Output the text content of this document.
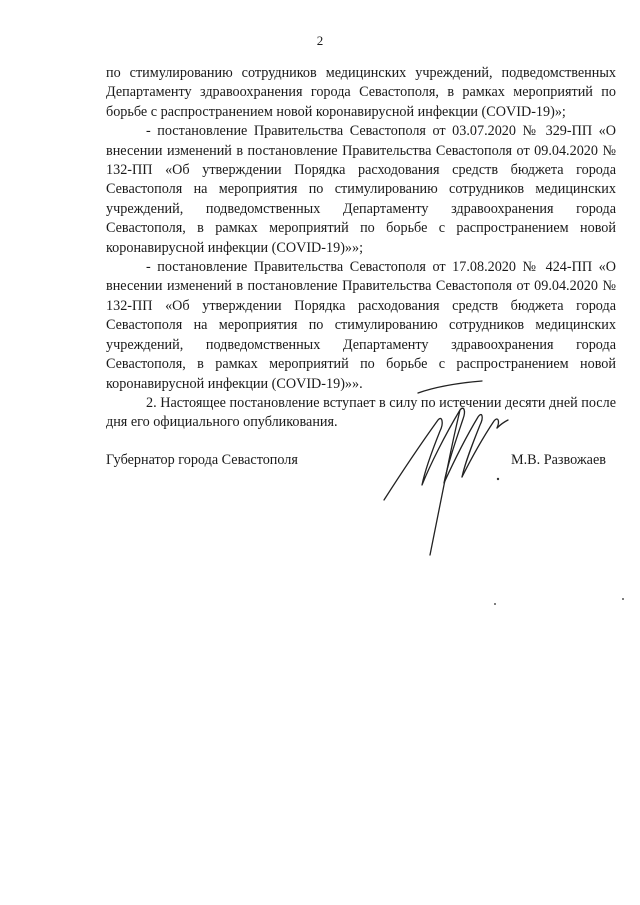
2

по стимулированию сотрудников медицинских учреждений, подведомственных Департаменту здравоохранения города Севастополя, в рамках мероприятий по борьбе с распространением новой коронавирусной инфекции (COVID-19)»;

- постановление Правительства Севастополя от 03.07.2020 № 329-ПП «О внесении изменений в постановление Правительства Севастополя от 09.04.2020 № 132-ПП «Об утверждении Порядка расходования средств бюджета города Севастополя на мероприятия по стимулированию сотрудников медицинских учреждений, подведомственных Департаменту здравоохранения города Севастополя, в рамках мероприятий по борьбе с распространением новой коронавирусной инфекции (COVID-19)»»;

- постановление Правительства Севастополя от 17.08.2020 № 424-ПП «О внесении изменений в постановление Правительства Севастополя от 09.04.2020 № 132-ПП «Об утверждении Порядка расходования средств бюджета города Севастополя на мероприятия по стимулированию сотрудников медицинских учреждений, подведомственных Департаменту здравоохранения города Севастополя, в рамках мероприятий по борьбе с распространением новой коронавирусной инфекции (COVID-19)»».

2. Настоящее постановление вступает в силу по истечении десяти дней после дня его официального опубликования.

Губернатор города Севастополя	М.В. Развожаев
